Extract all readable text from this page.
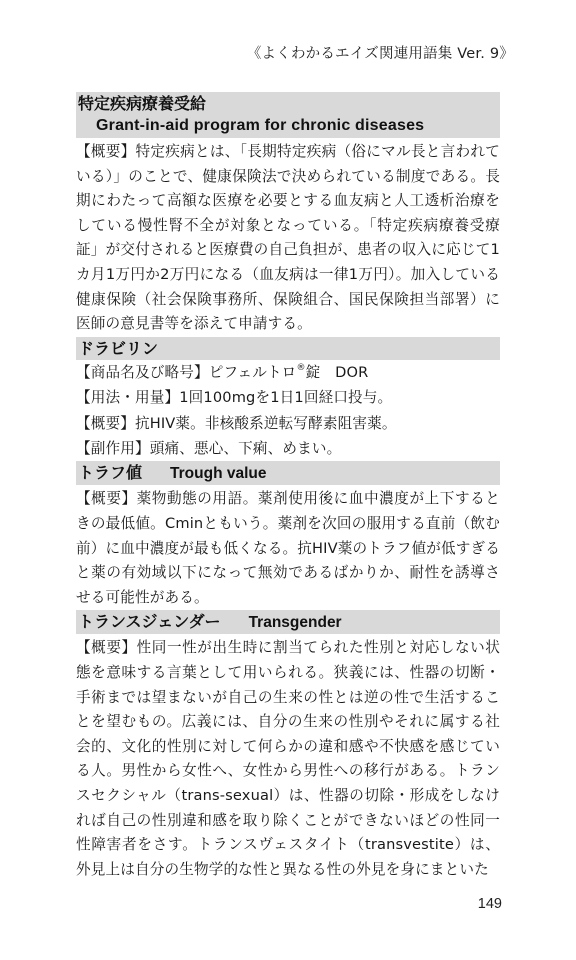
《よくわかるエイズ関連用語集 Ver. 9》
特定疾病療養受給
Grant-in-aid program for chronic diseases

【概要】特定疾病とは、「長期特定疾病（俗にマル長と言われている）」のことで、健康保険法で決められている制度である。長期にわたって高額な医療を必要とする血友病と人工透析治療をしている慢性腎不全が対象となっている。「特定疾病療養受療証」が交付されると医療費の自己負担が、患者の収入に応じて1カ月1万円か2万円になる（血友病は一律1万円）。加入している健康保険（社会保険事務所、保険組合、国民保険担当部署）に医師の意見書等を添えて申請する。

ドラビリン

【商品名及び略号】ピフェルトロ®錠　DOR

【用法・用量】1回100mgを1日1回経口投与。

【概要】抗HIV薬。非核酸系逆転写酵素阻害薬。

【副作用】頭痛、悪心、下痢、めまい。

トラフ値 Trough value

【概要】薬物動態の用語。薬剤使用後に血中濃度が上下するときの最低値。Cminともいう。薬剤を次回の服用する直前（飲む前）に血中濃度が最も低くなる。抗HIV薬のトラフ値が低すぎると薬の有効域以下になって無効であるばかりか、耐性を誘導させる可能性がある。

トランスジェンダー Transgender

【概要】性同一性が出生時に割当てられた性別と対応しない状態を意味する言葉として用いられる。狭義には、性器の切断・手術までは望まないが自己の生来の性とは逆の性で生活することを望むもの。広義には、自分の生来の性別やそれに属する社会的、文化的性別に対して何らかの違和感や不快感を感じている人。男性から女性へ、女性から男性への移行がある。トランスセクシャル（trans-sexual）は、性器の切除・形成をしなければ自己の性別違和感を取り除くことができないほどの性同一性障害者をさす。トランスヴェスタイト（transvestite）は、外見上は自分の生物学的な性と異なる性の外見を身にまといた

149
